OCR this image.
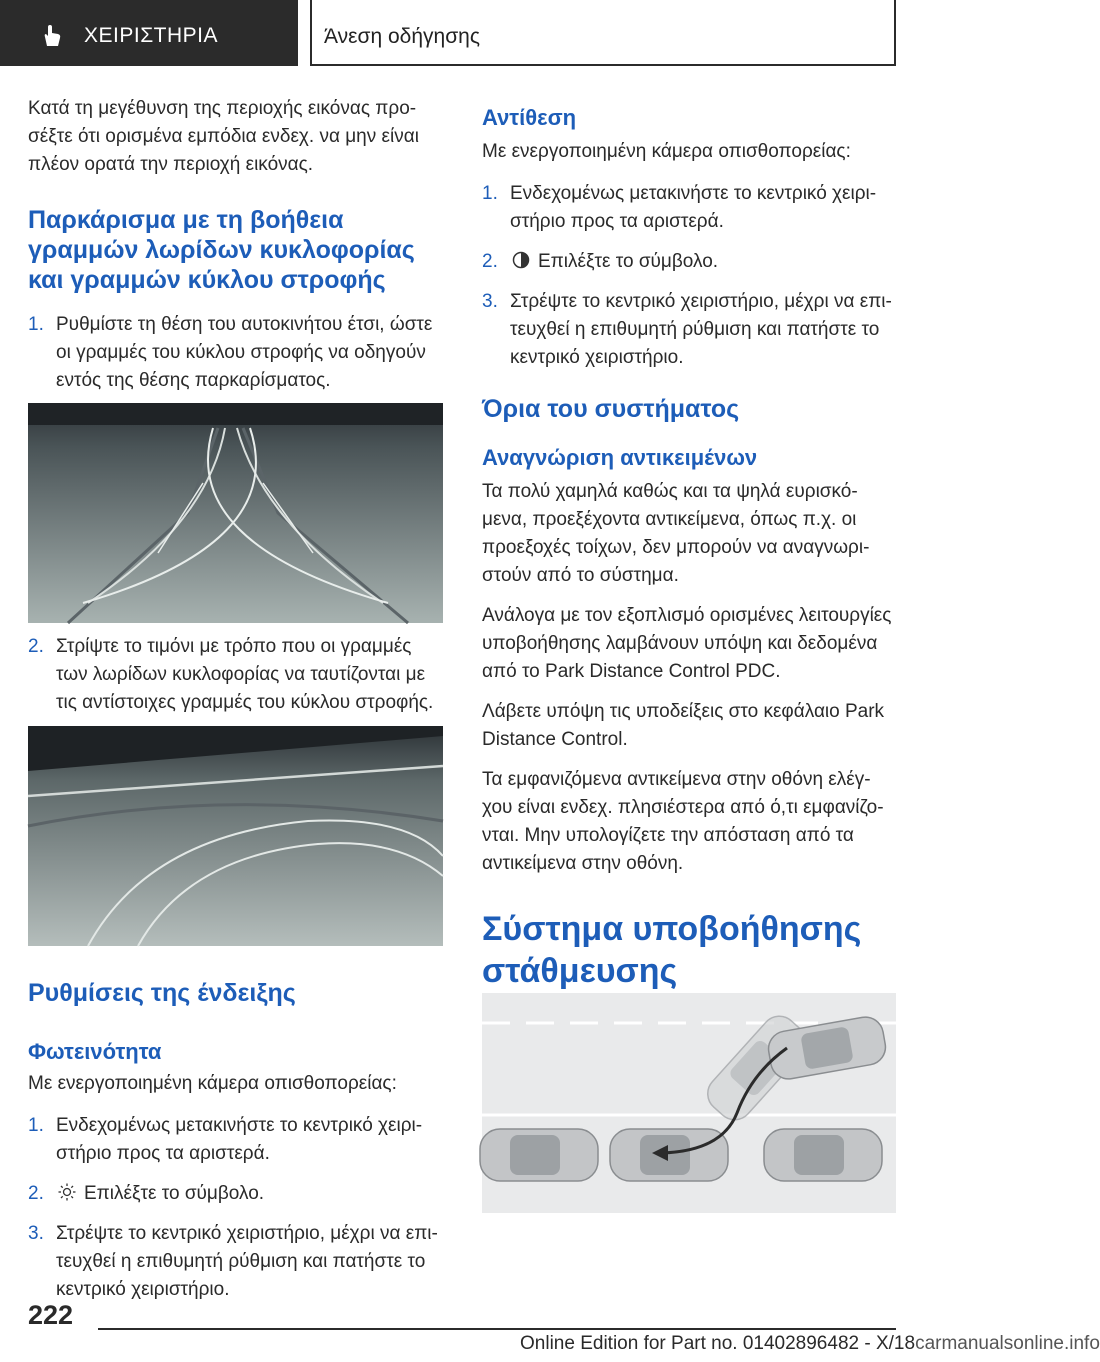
ΧΕΙΡΙΣΤΗΡΙΑ	Άνεση οδήγησης

Κατά τη μεγέθυνση της περιοχής εικόνας προ-σέξτε ότι ορισμένα εμπόδια ενδεχ. να μην είναι πλέον ορατά την περιοχή εικόνας.

Παρκάρισμα με τη βοήθεια γραμμών λωρίδων κυκλοφορίας και γραμμών κύκλου στροφής
1. Ρυθμίστε τη θέση του αυτοκινήτου έτσι, ώστε οι γραμμές του κύκλου στροφής να οδηγούν εντός της θέσης παρκαρίσματος.
2. Στρίψτε το τιμόνι με τρόπο που οι γραμμές των λωρίδων κυκλοφορίας να ταυτίζονται με τις αντίστοιχες γραμμές του κύκλου στροφής.
Ρυθμίσεις της ένδειξης
Φωτεινότητα

Με ενεργοποιημένη κάμερα οπισθοπορείας:

1. Ενδεχομένως μετακινήστε το κεντρικό χειρι-στήριο προς τα αριστερά.
2. Επιλέξτε το σύμβολο.
3. Στρέψτε το κεντρικό χειριστήριο, μέχρι να επι-τευχθεί η επιθυμητή ρύθμιση και πατήστε το κεντρικό χειριστήριο.
Αντίθεση

Με ενεργοποιημένη κάμερα οπισθοπορείας:

1. Ενδεχομένως μετακινήστε το κεντρικό χειρι-στήριο προς τα αριστερά.
2. Επιλέξτε το σύμβολο.
3. Στρέψτε το κεντρικό χειριστήριο, μέχρι να επι-τευχθεί η επιθυμητή ρύθμιση και πατήστε το κεντρικό χειριστήριο.
Όρια του συστήματος
Αναγνώριση αντικειμένων

Τα πολύ χαμηλά καθώς και τα ψηλά ευρισκό-μενα, προεξέχοντα αντικείμενα, όπως π.χ. οι προεξοχές τοίχων, δεν μπορούν να αναγνωρι-στούν από το σύστημα.

Ανάλογα με τον εξοπλισμό ορισμένες λειτουργίες υποβοήθησης λαμβάνουν υπόψη και δεδομένα από το Park Distance Control PDC.

Λάβετε υπόψη τις υποδείξεις στο κεφάλαιο Park Distance Control.

Τα εμφανιζόμενα αντικείμενα στην οθόνη ελέγ-χου είναι ενδεχ. πλησιέστερα από ό,τι εμφανίζο-νται. Μην υπολογίζετε την απόσταση από τα αντικείμενα στην οθόνη.

Σύστημα υποβοήθησης στάθμευσης
222
Online Edition for Part no. 01402896482 - X/18carmanualsonline.info
